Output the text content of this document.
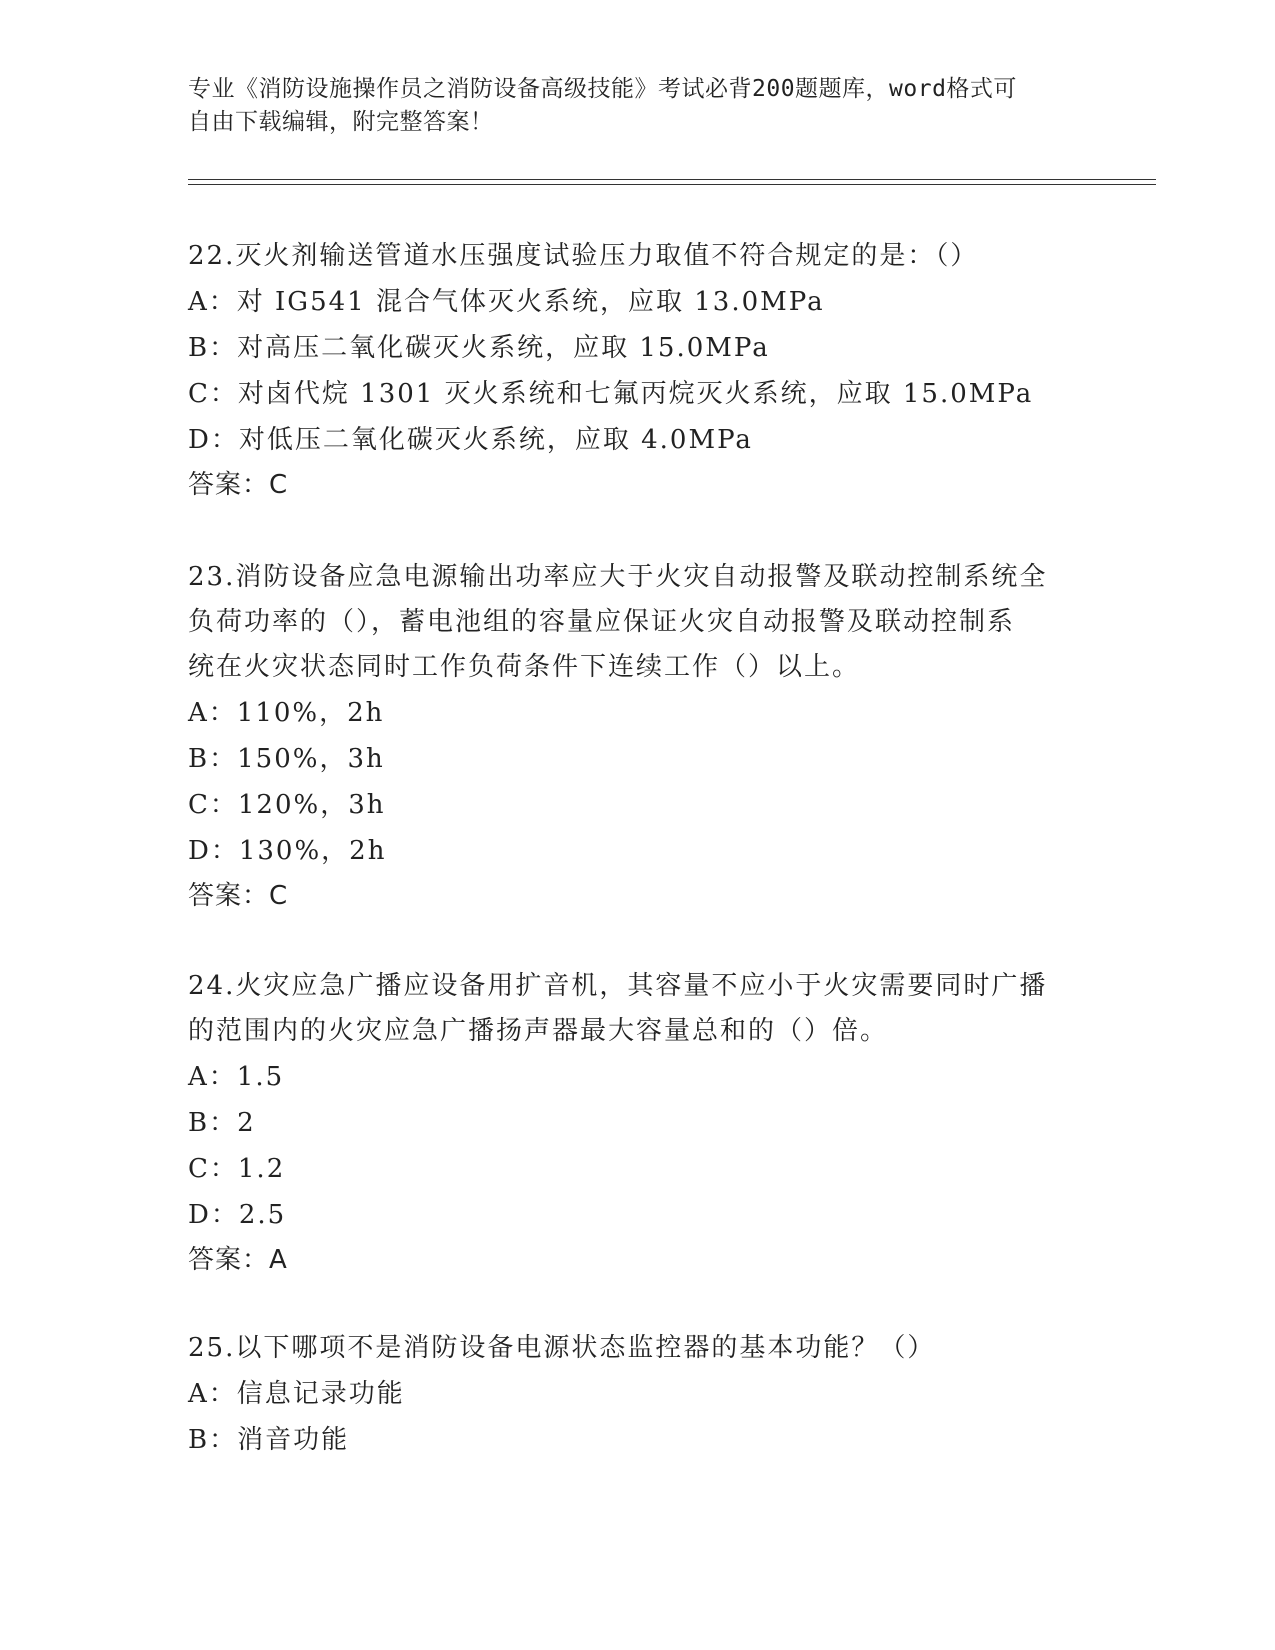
专业《消防设施操作员之消防设备高级技能》考试必背200题题库，word格式可
自由下载编辑，附完整答案！
22.灭火剂输送管道水压强度试验压力取值不符合规定的是：（）
A：对 IG541 混合气体灭火系统，应取 13.0MPa
B：对高压二氧化碳灭火系统，应取 15.0MPa
C：对卤代烷 1301 灭火系统和七氟丙烷灭火系统，应取 15.0MPa
D：对低压二氧化碳灭火系统，应取 4.0MPa
答案：C
23.消防设备应急电源输出功率应大于火灾自动报警及联动控制系统全
负荷功率的（），蓄电池组的容量应保证火灾自动报警及联动控制系
统在火灾状态同时工作负荷条件下连续工作（）以上。
A：110%，2h
B：150%，3h
C：120%，3h
D：130%，2h
答案：C
24.火灾应急广播应设备用扩音机，其容量不应小于火灾需要同时广播
的范围内的火灾应急广播扬声器最大容量总和的（）倍。
A：1.5
B：2
C：1.2
D：2.5
答案：A
25.以下哪项不是消防设备电源状态监控器的基本功能？（）
A：信息记录功能
B：消音功能
